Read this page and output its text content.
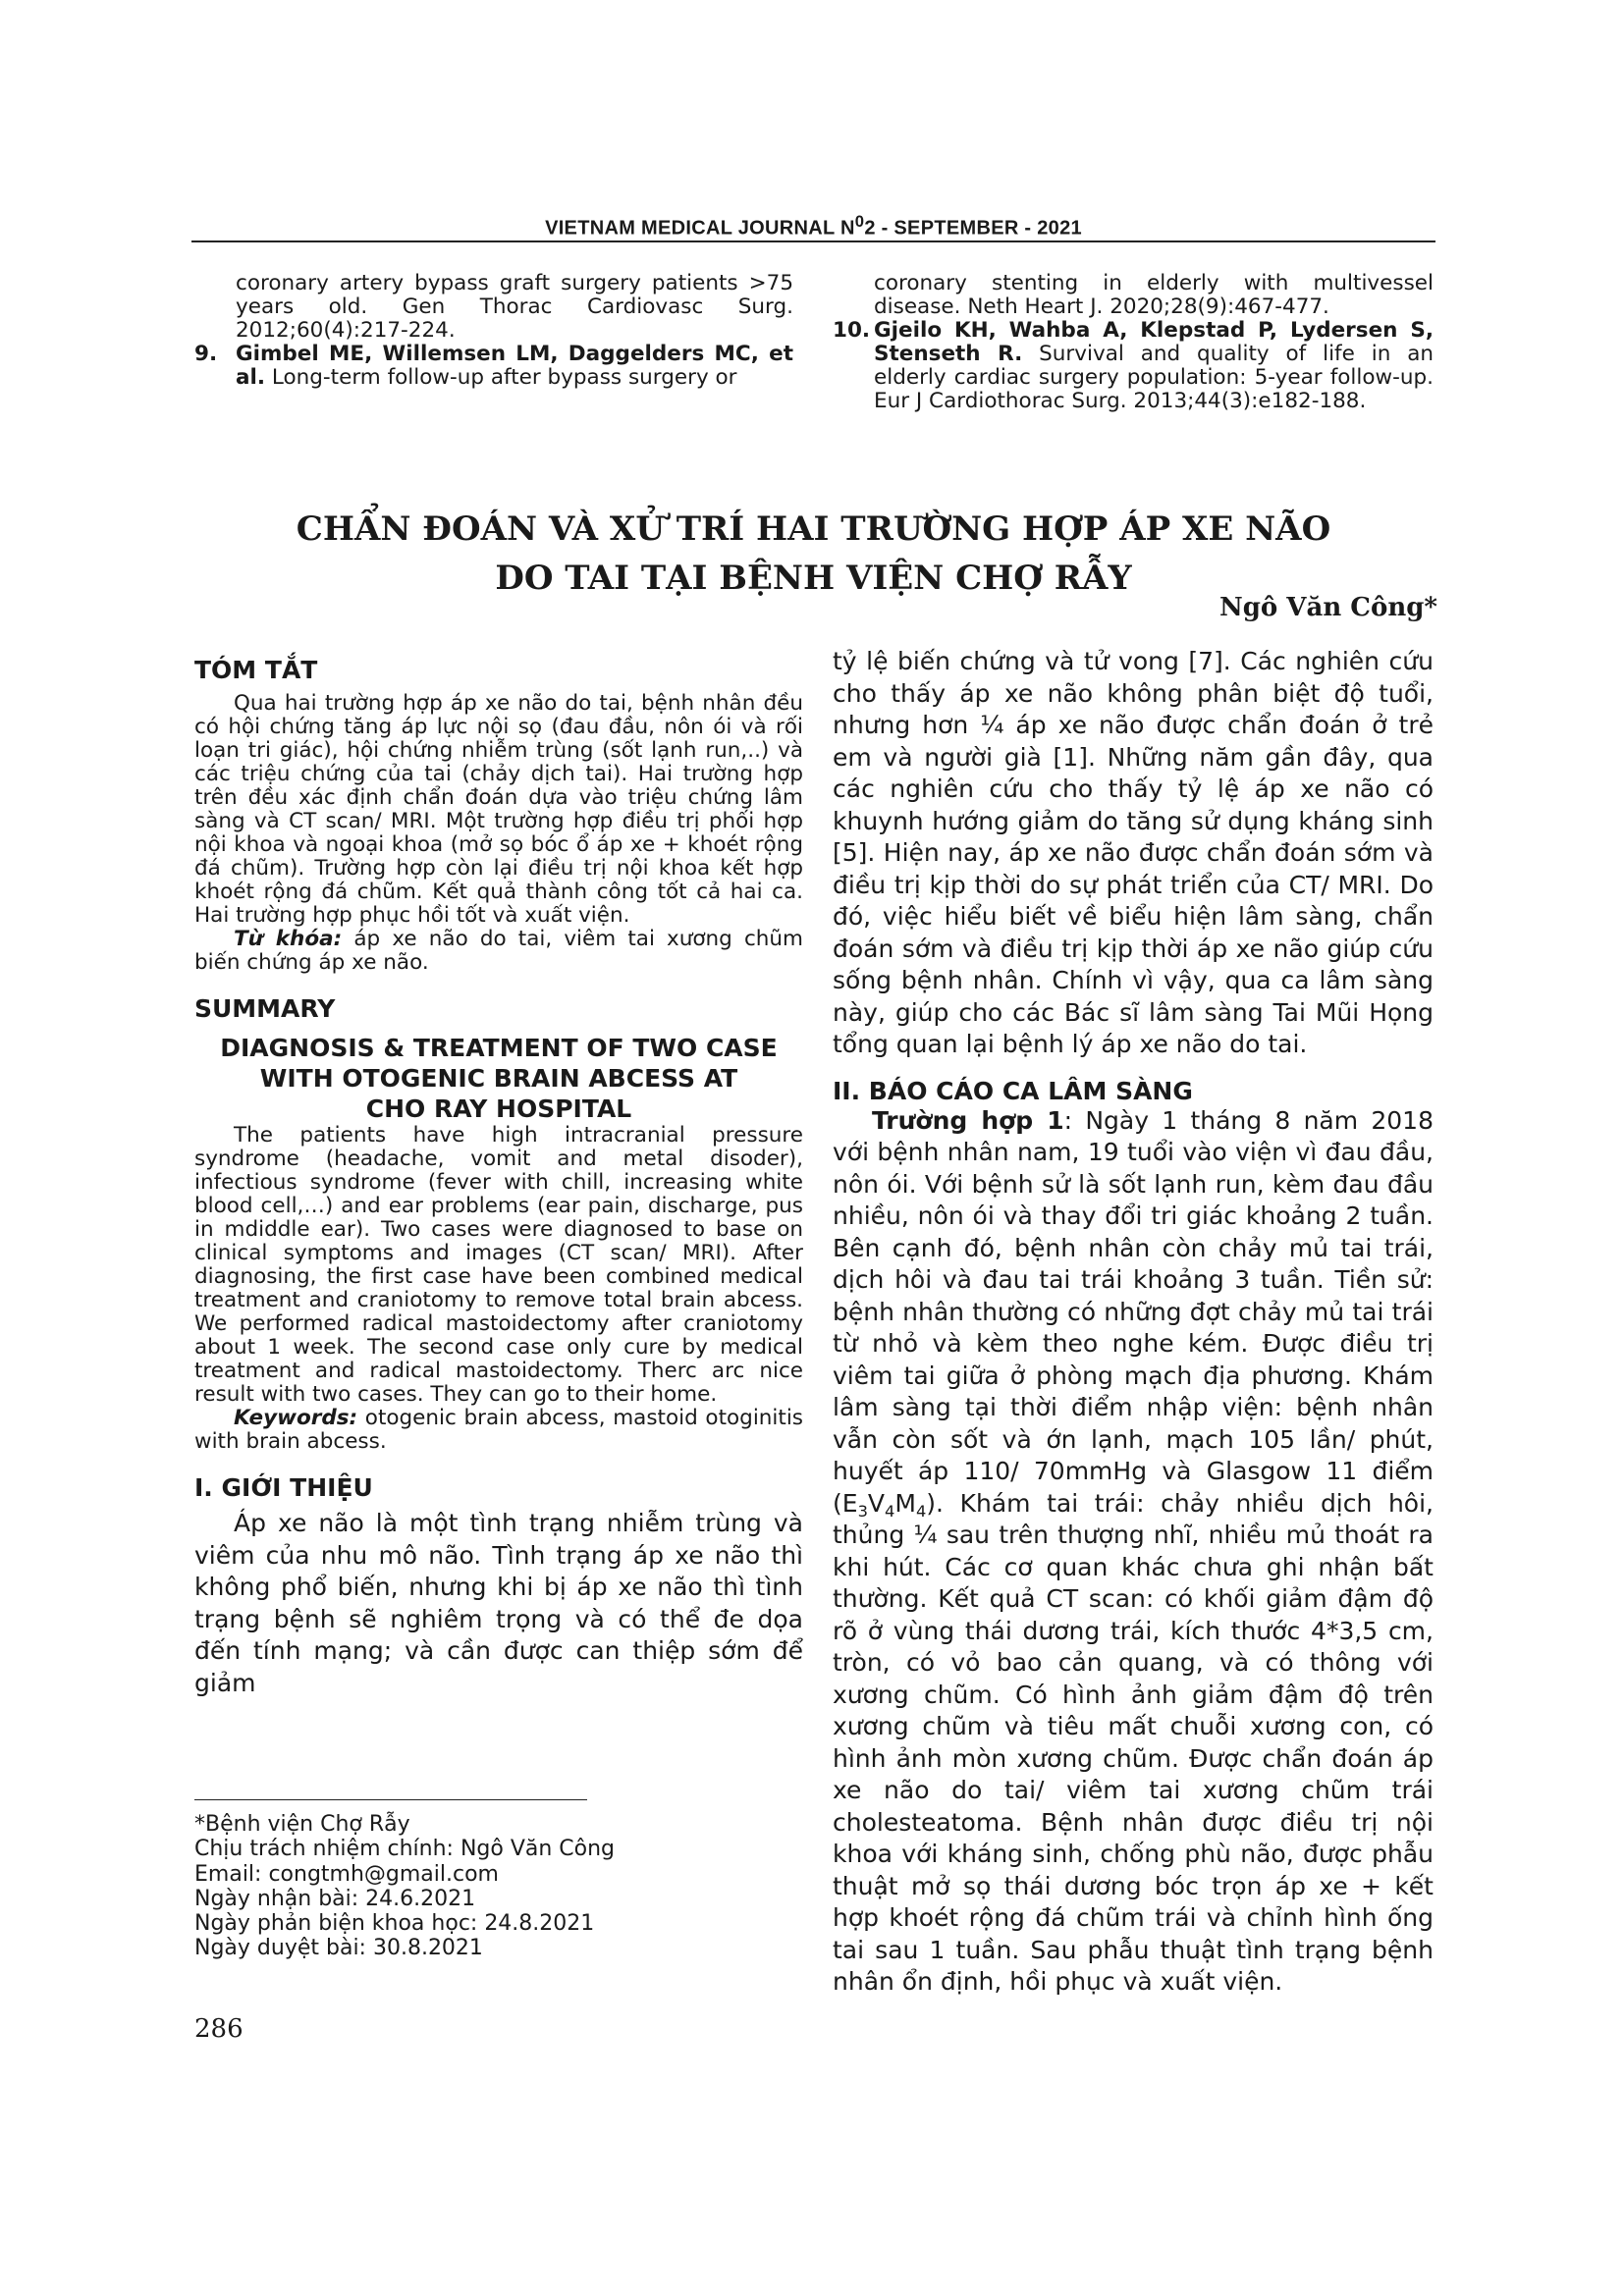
VIETNAM MEDICAL JOURNAL $N^02$ - SEPTEMBER - 2021
coronary artery bypass graft surgery patients >75 years old. Gen Thorac Cardiovasc Surg. 2012;60(4):217-224.
9. Gimbel ME, Willemsen LM, Daggelders MC, et al. Long-term follow-up after bypass surgery or
coronary stenting in elderly with multivessel disease. Neth Heart J. 2020;28(9):467-477.
10. Gjeilo KH, Wahba A, Klepstad P, Lydersen S, Stenseth R. Survival and quality of life in an elderly cardiac surgery population: 5-year follow-up. Eur J Cardiothorac Surg. 2013;44(3):e182-188.
CHẨN ĐOÁN VÀ XỬ TRÍ HAI TRƯỜNG HỢP ÁP XE NÃO
DO TAI TẠI BỆNH VIỆN CHỢ RẪY
Ngô Văn Công*
TÓM TẮT

Qua hai trường hợp áp xe não do tai, bệnh nhân đều có hội chứng tăng áp lực nội sọ (đau đầu, nôn ói và rối loạn tri giác), hội chứng nhiễm trùng (sốt lạnh run,..) và các triệu chứng của tai (chảy dịch tai). Hai trường hợp trên đều xác định chẩn đoán dựa vào triệu chứng lâm sàng và CT scan/ MRI. Một trường hợp điều trị phối hợp nội khoa và ngoại khoa (mở sọ bóc ổ áp xe + khoét rộng đá chũm). Trường hợp còn lại điều trị nội khoa kết hợp khoét rộng đá chũm. Kết quả thành công tốt cả hai ca. Hai trường hợp phục hồi tốt và xuất viện.

Từ khóa: áp xe não do tai, viêm tai xương chũm biến chứng áp xe não.

SUMMARY

DIAGNOSIS & TREATMENT OF TWO CASE

WITH OTOGENIC BRAIN ABCESS AT

CHO RAY HOSPITAL

The patients have high intracranial pressure syndrome (headache, vomit and metal disoder), infectious syndrome (fever with chill, increasing white blood cell,…) and ear problems (ear pain, discharge, pus in mdiddle ear). Two cases were diagnosed to base on clinical symptoms and images (CT scan/ MRI). After diagnosing, the first case have been combined medical treatment and craniotomy to remove total brain abcess. We performed radical mastoidectomy after craniotomy about 1 week. The second case only cure by medical treatment and radical mastoidectomy. Therc arc nice result with two cases. They can go to their home.

Keywords: otogenic brain abcess, mastoid otoginitis with brain abcess.

I. GIỚI THIỆU

Áp xe não là một tình trạng nhiễm trùng và viêm của nhu mô não. Tình trạng áp xe não thì không phổ biến, nhưng khi bị áp xe não thì tình trạng bệnh sẽ nghiêm trọng và có thể đe dọa đến tính mạng; và cần được can thiệp sớm để giảm

*Bệnh viện Chợ Rẫy
Chịu trách nhiệm chính: Ngô Văn Công
Email: congtmh@gmail.com
Ngày nhận bài: 24.6.2021
Ngày phản biện khoa học: 24.8.2021
Ngày duyệt bài: 30.8.2021
286

tỷ lệ biến chứng và tử vong [7]. Các nghiên cứu cho thấy áp xe não không phân biệt độ tuổi, nhưng hơn ¼ áp xe não được chẩn đoán ở trẻ em và người già [1]. Những năm gần đây, qua các nghiên cứu cho thấy tỷ lệ áp xe não có khuynh hướng giảm do tăng sử dụng kháng sinh [5]. Hiện nay, áp xe não được chẩn đoán sớm và điều trị kịp thời do sự phát triển của CT/ MRI. Do đó, việc hiểu biết về biểu hiện lâm sàng, chẩn đoán sớm và điều trị kịp thời áp xe não giúp cứu sống bệnh nhân. Chính vì vậy, qua ca lâm sàng này, giúp cho các Bác sĩ lâm sàng Tai Mũi Họng tổng quan lại bệnh lý áp xe não do tai.

II. BÁO CÁO CA LÂM SÀNG

Trường hợp 1: Ngày 1 tháng 8 năm 2018 với bệnh nhân nam, 19 tuổi vào viện vì đau đầu, nôn ói. Với bệnh sử là sốt lạnh run, kèm đau đầu nhiều, nôn ói và thay đổi tri giác khoảng 2 tuần. Bên cạnh đó, bệnh nhân còn chảy mủ tai trái, dịch hôi và đau tai trái khoảng 3 tuần. Tiền sử: bệnh nhân thường có những đợt chảy mủ tai trái từ nhỏ và kèm theo nghe kém. Được điều trị viêm tai giữa ở phòng mạch địa phương. Khám lâm sàng tại thời điểm nhập viện: bệnh nhân vẫn còn sốt và ớn lạnh, mạch 105 lần/ phút, huyết áp 110/ 70mmHg và Glasgow 11 điểm $(E_3V_4M_4)$. Khám tai trái: chảy nhiều dịch hôi, thủng ¼ sau trên thượng nhĩ, nhiều mủ thoát ra khi hút. Các cơ quan khác chưa ghi nhận bất thường. Kết quả CT scan: có khối giảm đậm độ rõ ở vùng thái dương trái, kích thước 4*3,5 cm, tròn, có vỏ bao cản quang, và có thông với xương chũm. Có hình ảnh giảm đậm độ trên xương chũm và tiêu mất chuỗi xương con, có hình ảnh mòn xương chũm. Được chẩn đoán áp xe não do tai/ viêm tai xương chũm trái cholesteatoma. Bệnh nhân được điều trị nội khoa với kháng sinh, chống phù não, được phẫu thuật mở sọ thái dương bóc trọn áp xe + kết hợp khoét rộng đá chũm trái và chỉnh hình ống tai sau 1 tuần. Sau phẫu thuật tình trạng bệnh nhân ổn định, hồi phục và xuất viện.
